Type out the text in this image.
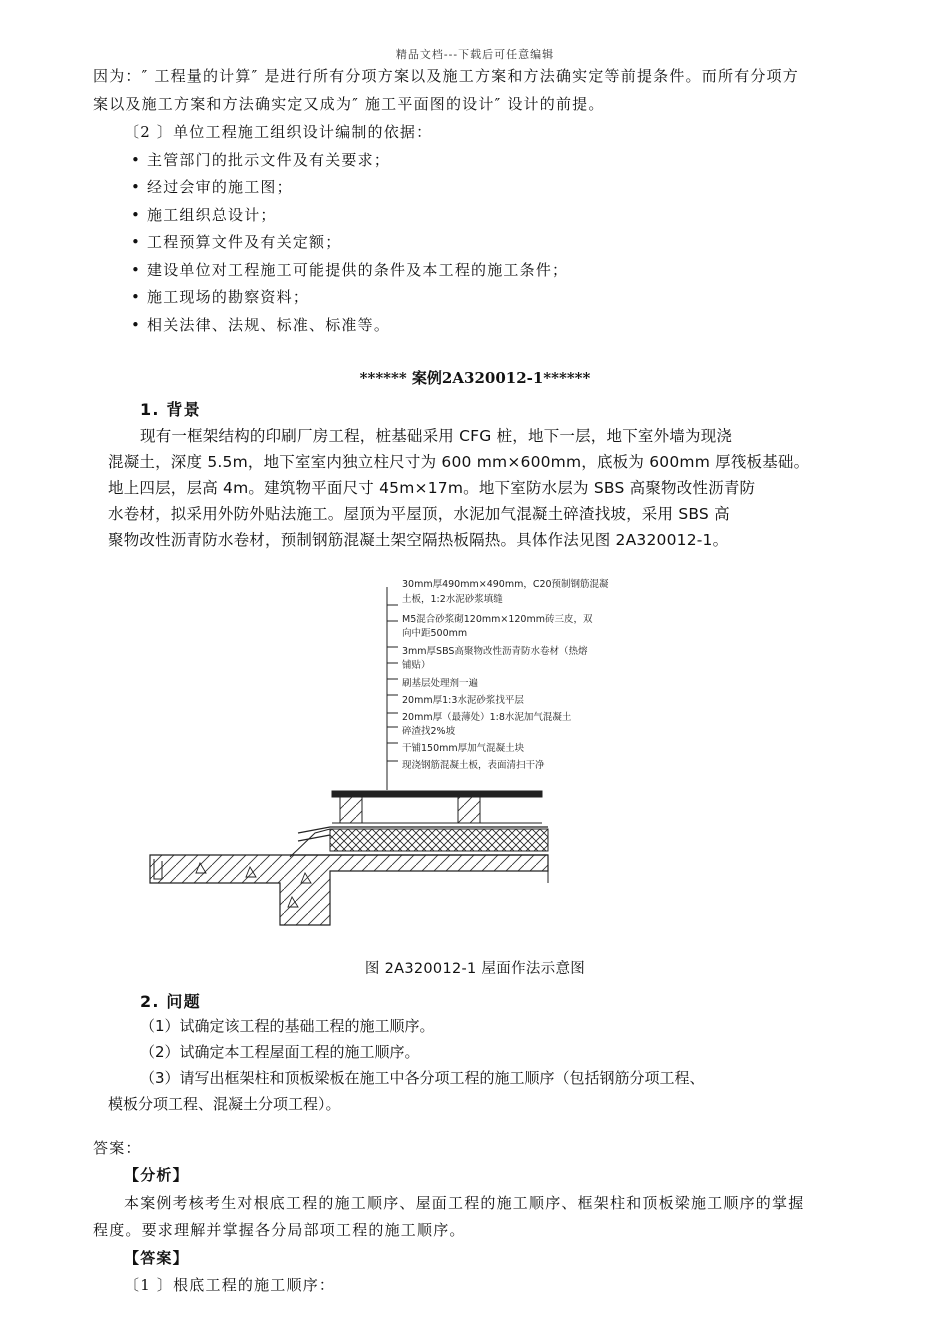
精品文档---下载后可任意编辑
因为：″ 工程量的计算″ 是进行所有分项方案以及施工方案和方法确实定等前提条件。而所有分项方
案以及施工方案和方法确实定又成为″ 施工平面图的设计″ 设计的前提。
〔2 〕单位工程施工组织设计编制的依据：
• 主管部门的批示文件及有关要求；
• 经过会审的施工图；
• 施工组织总设计；
• 工程预算文件及有关定额；
• 建设单位对工程施工可能提供的条件及本工程的施工条件；
• 施工现场的勘察资料；
• 相关法律、法规、标准、标准等。
****** 案例2A320012-1******
1. 背景
现有一框架结构的印刷厂房工程，桩基础采用 CFG 桩，地下一层，地下室外墙为现浇
混凝土，深度 5.5m，地下室室内独立柱尺寸为 600 mm×600mm，底板为 600mm 厚筏板基础。
地上四层，层高 4m。建筑物平面尺寸 45m×17m。地下室防水层为 SBS 高聚物改性沥青防
水卷材，拟采用外防外贴法施工。屋顶为平屋顶，水泥加气混凝土碎渣找坡，采用 SBS 高
聚物改性沥青防水卷材，预制钢筋混凝土架空隔热板隔热。具体作法见图 2A320012-1。
30mm厚490mm×490mm，C20预制钢筋混凝
土板，1:2水泥砂浆填缝
M5混合砂浆砌120mm×120mm砖三皮，双
向中距500mm
3mm厚SBS高聚物改性沥青防水卷材（热熔
铺贴）
刷基层处理剂一遍
20mm厚1:3水泥砂浆找平层
20mm厚（最薄处）1:8水泥加气混凝土
碎渣找2%坡
干铺150mm厚加气混凝土块
现浇钢筋混凝土板，表面清扫干净
图 2A320012-1 屋面作法示意图
2. 问题
（1）试确定该工程的基础工程的施工顺序。
（2）试确定本工程屋面工程的施工顺序。
（3）请写出框架柱和顶板梁板在施工中各分项工程的施工顺序（包括钢筋分项工程、
模板分项工程、混凝土分项工程）。
答案：
【分析】
本案例考核考生对根底工程的施工顺序、屋面工程的施工顺序、框架柱和顶板梁施工顺序的掌握
程度。要求理解并掌握各分局部项工程的施工顺序。
【答案】
〔1 〕根底工程的施工顺序：
